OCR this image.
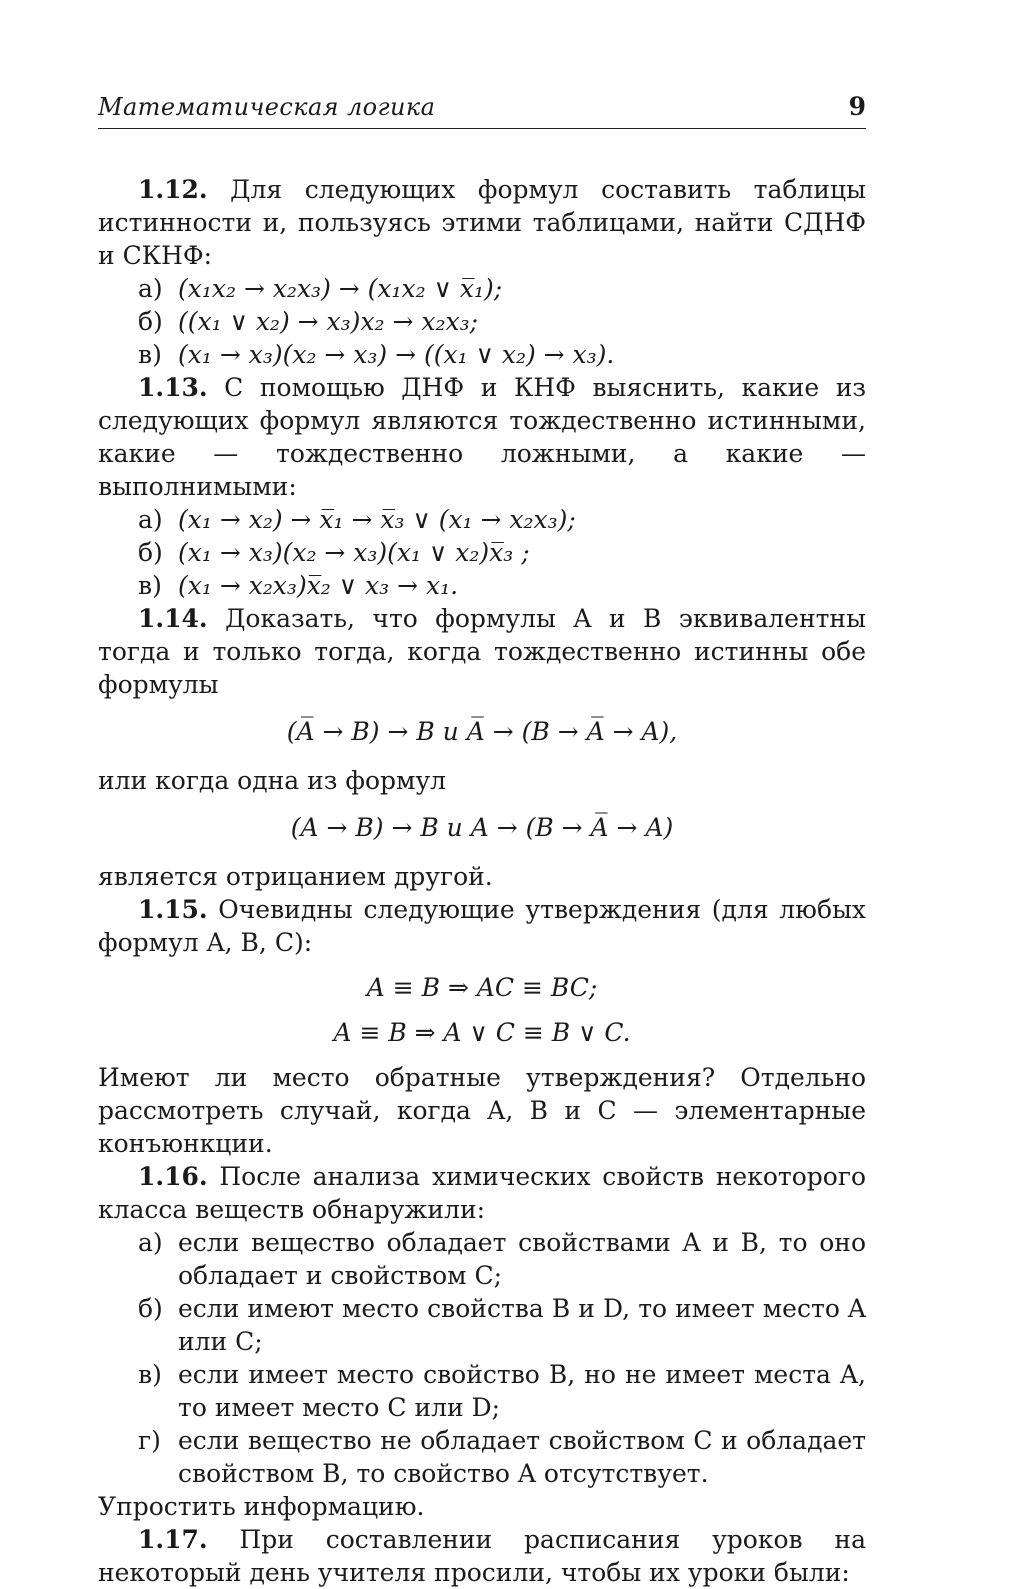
Математическая логика	9

1.12. Для следующих формул составить таблицы истинности и, пользуясь этими таблицами, найти СДНФ и СКНФ:

а) (x₁x₂ → x₂x₃) → (x₁x₂ ∨ x̅₁);
б) ((x₁ ∨ x₂) → x₃)x₂ → x₂x₃;
в) (x₁ → x₃)(x₂ → x₃) → ((x₁ ∨ x₂) → x₃).

1.13. С помощью ДНФ и КНФ выяснить, какие из следующих формул являются тождественно истинными, какие — тождественно ложными, а какие — выполнимыми:

а) (x₁ → x₂) → x̅₁ → x̅₃ ∨ (x₁ → x₂x₃);
б) (x₁ → x₃)(x₂ → x₃)(x₁ ∨ x₂)x̅₃ ;
в) (x₁ → x₂x₃)x̅₂ ∨ x₃ → x₁.

1.14. Доказать, что формулы A и B эквивалентны тогда и только тогда, когда тождественно истинны обе формулы

(A̅ → B) → B и A̅ → (B → A̅ → A),

или когда одна из формул

(A → B) → B и A → (B → A̅ → A)

является отрицанием другой.

1.15. Очевидны следующие утверждения (для любых формул A, B, C):

A ≡ B ⇒ AC ≡ BC;
A ≡ B ⇒ A ∨ C ≡ B ∨ C.

Имеют ли место обратные утверждения? Отдельно рассмотреть случай, когда A, B и C — элементарные конъюнкции.

1.16. После анализа химических свойств некоторого класса веществ обнаружили:

а) если вещество обладает свойствами A и B, то оно обладает и свойством C;
б) если имеют место свойства B и D, то имеет место A или C;
в) если имеет место свойство B, но не имеет места A, то имеет место C или D;
г) если вещество не обладает свойством C и обладает свойством B, то свойство A отсутствует.

Упростить информацию.

1.17. При составлении расписания уроков на некоторый день учителя просили, чтобы их уроки были:
